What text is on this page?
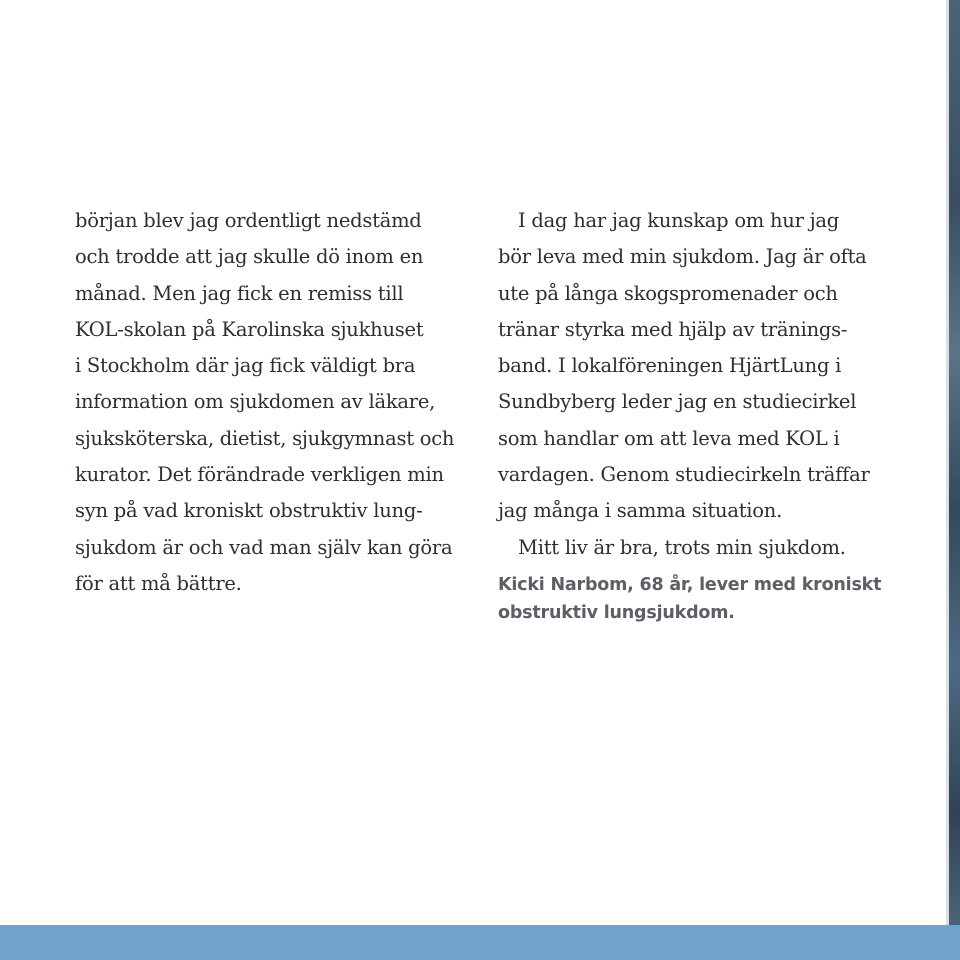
början blev jag ordentligt nedstämd
och trodde att jag skulle dö inom en
månad. Men jag fick en remiss till
KOL-skolan på Karolinska sjukhuset
i Stockholm där jag fick väldigt bra
information om sjukdomen av läkare,
sjuksköterska, dietist, sjukgymnast och
kurator. Det förändrade verkligen min
syn på vad kroniskt obstruktiv lung-
sjukdom är och vad man själv kan göra
för att må bättre.
I dag har jag kunskap om hur jag
bör leva med min sjukdom. Jag är ofta
ute på långa skogspromenader och
tränar styrka med hjälp av tränings-
band. I lokalföreningen HjärtLung i
Sundbyberg leder jag en studiecirkel
som handlar om att leva med KOL i
vardagen. Genom studiecirkeln träffar
jag många i samma situation.
Mitt liv är bra, trots min sjukdom.
Kicki Narbom, 68 år, lever med kroniskt
obstruktiv lungsjukdom.
